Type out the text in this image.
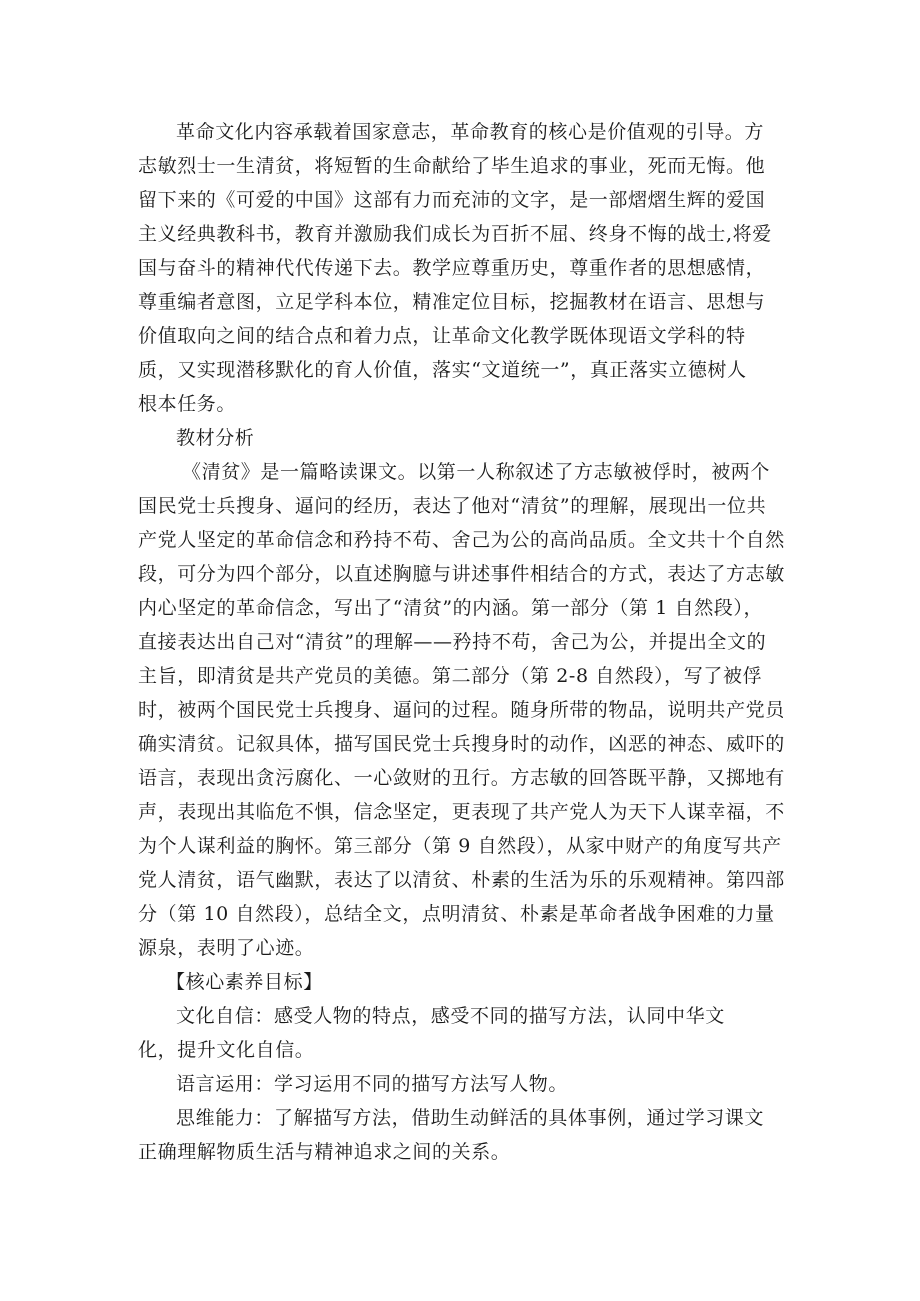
革命文化内容承载着国家意志，革命教育的核心是价值观的引导。方
志敏烈士一生清贫，将短暂的生命献给了毕生追求的事业，死而无悔。他
留下来的《可爱的中国》这部有力而充沛的文字，是一部熠熠生辉的爱国
主义经典教科书，教育并激励我们成长为百折不屈、终身不悔的战士,将爱
国与奋斗的精神代代传递下去。教学应尊重历史，尊重作者的思想感情，
尊重编者意图，立足学科本位，精准定位目标，挖掘教材在语言、思想与
价值取向之间的结合点和着力点，让革命文化教学既体现语文学科的特
质，又实现潜移默化的育人价值，落实“文道统一”，真正落实立德树人
根本任务。
教材分析
《清贫》是一篇略读课文。以第一人称叙述了方志敏被俘时，被两个
国民党士兵搜身、逼问的经历，表达了他对“清贫”的理解，展现出一位共
产党人坚定的革命信念和矜持不苟、舍己为公的高尚品质。全文共十个自然
段，可分为四个部分，以直述胸臆与讲述事件相结合的方式，表达了方志敏
内心坚定的革命信念，写出了“清贫”的内涵。第一部分（第 1 自然段），
直接表达出自己对“清贫”的理解——矜持不苟，舍己为公，并提出全文的
主旨，即清贫是共产党员的美德。第二部分（第 2-8 自然段），写了被俘
时，被两个国民党士兵搜身、逼问的过程。随身所带的物品，说明共产党员
确实清贫。记叙具体，描写国民党士兵搜身时的动作，凶恶的神态、威吓的
语言，表现出贪污腐化、一心敛财的丑行。方志敏的回答既平静，又掷地有
声，表现出其临危不惧，信念坚定，更表现了共产党人为天下人谋幸福，不
为个人谋利益的胸怀。第三部分（第 9 自然段），从家中财产的角度写共产
党人清贫，语气幽默，表达了以清贫、朴素的生活为乐的乐观精神。第四部
分（第 10 自然段），总结全文，点明清贫、朴素是革命者战争困难的力量
源泉，表明了心迹。
【核心素养目标】
文化自信：感受人物的特点，感受不同的描写方法，认同中华文
化，提升文化自信。
语言运用：学习运用不同的描写方法写人物。
思维能力：了解描写方法，借助生动鲜活的具体事例，通过学习课文
正确理解物质生活与精神追求之间的关系。
